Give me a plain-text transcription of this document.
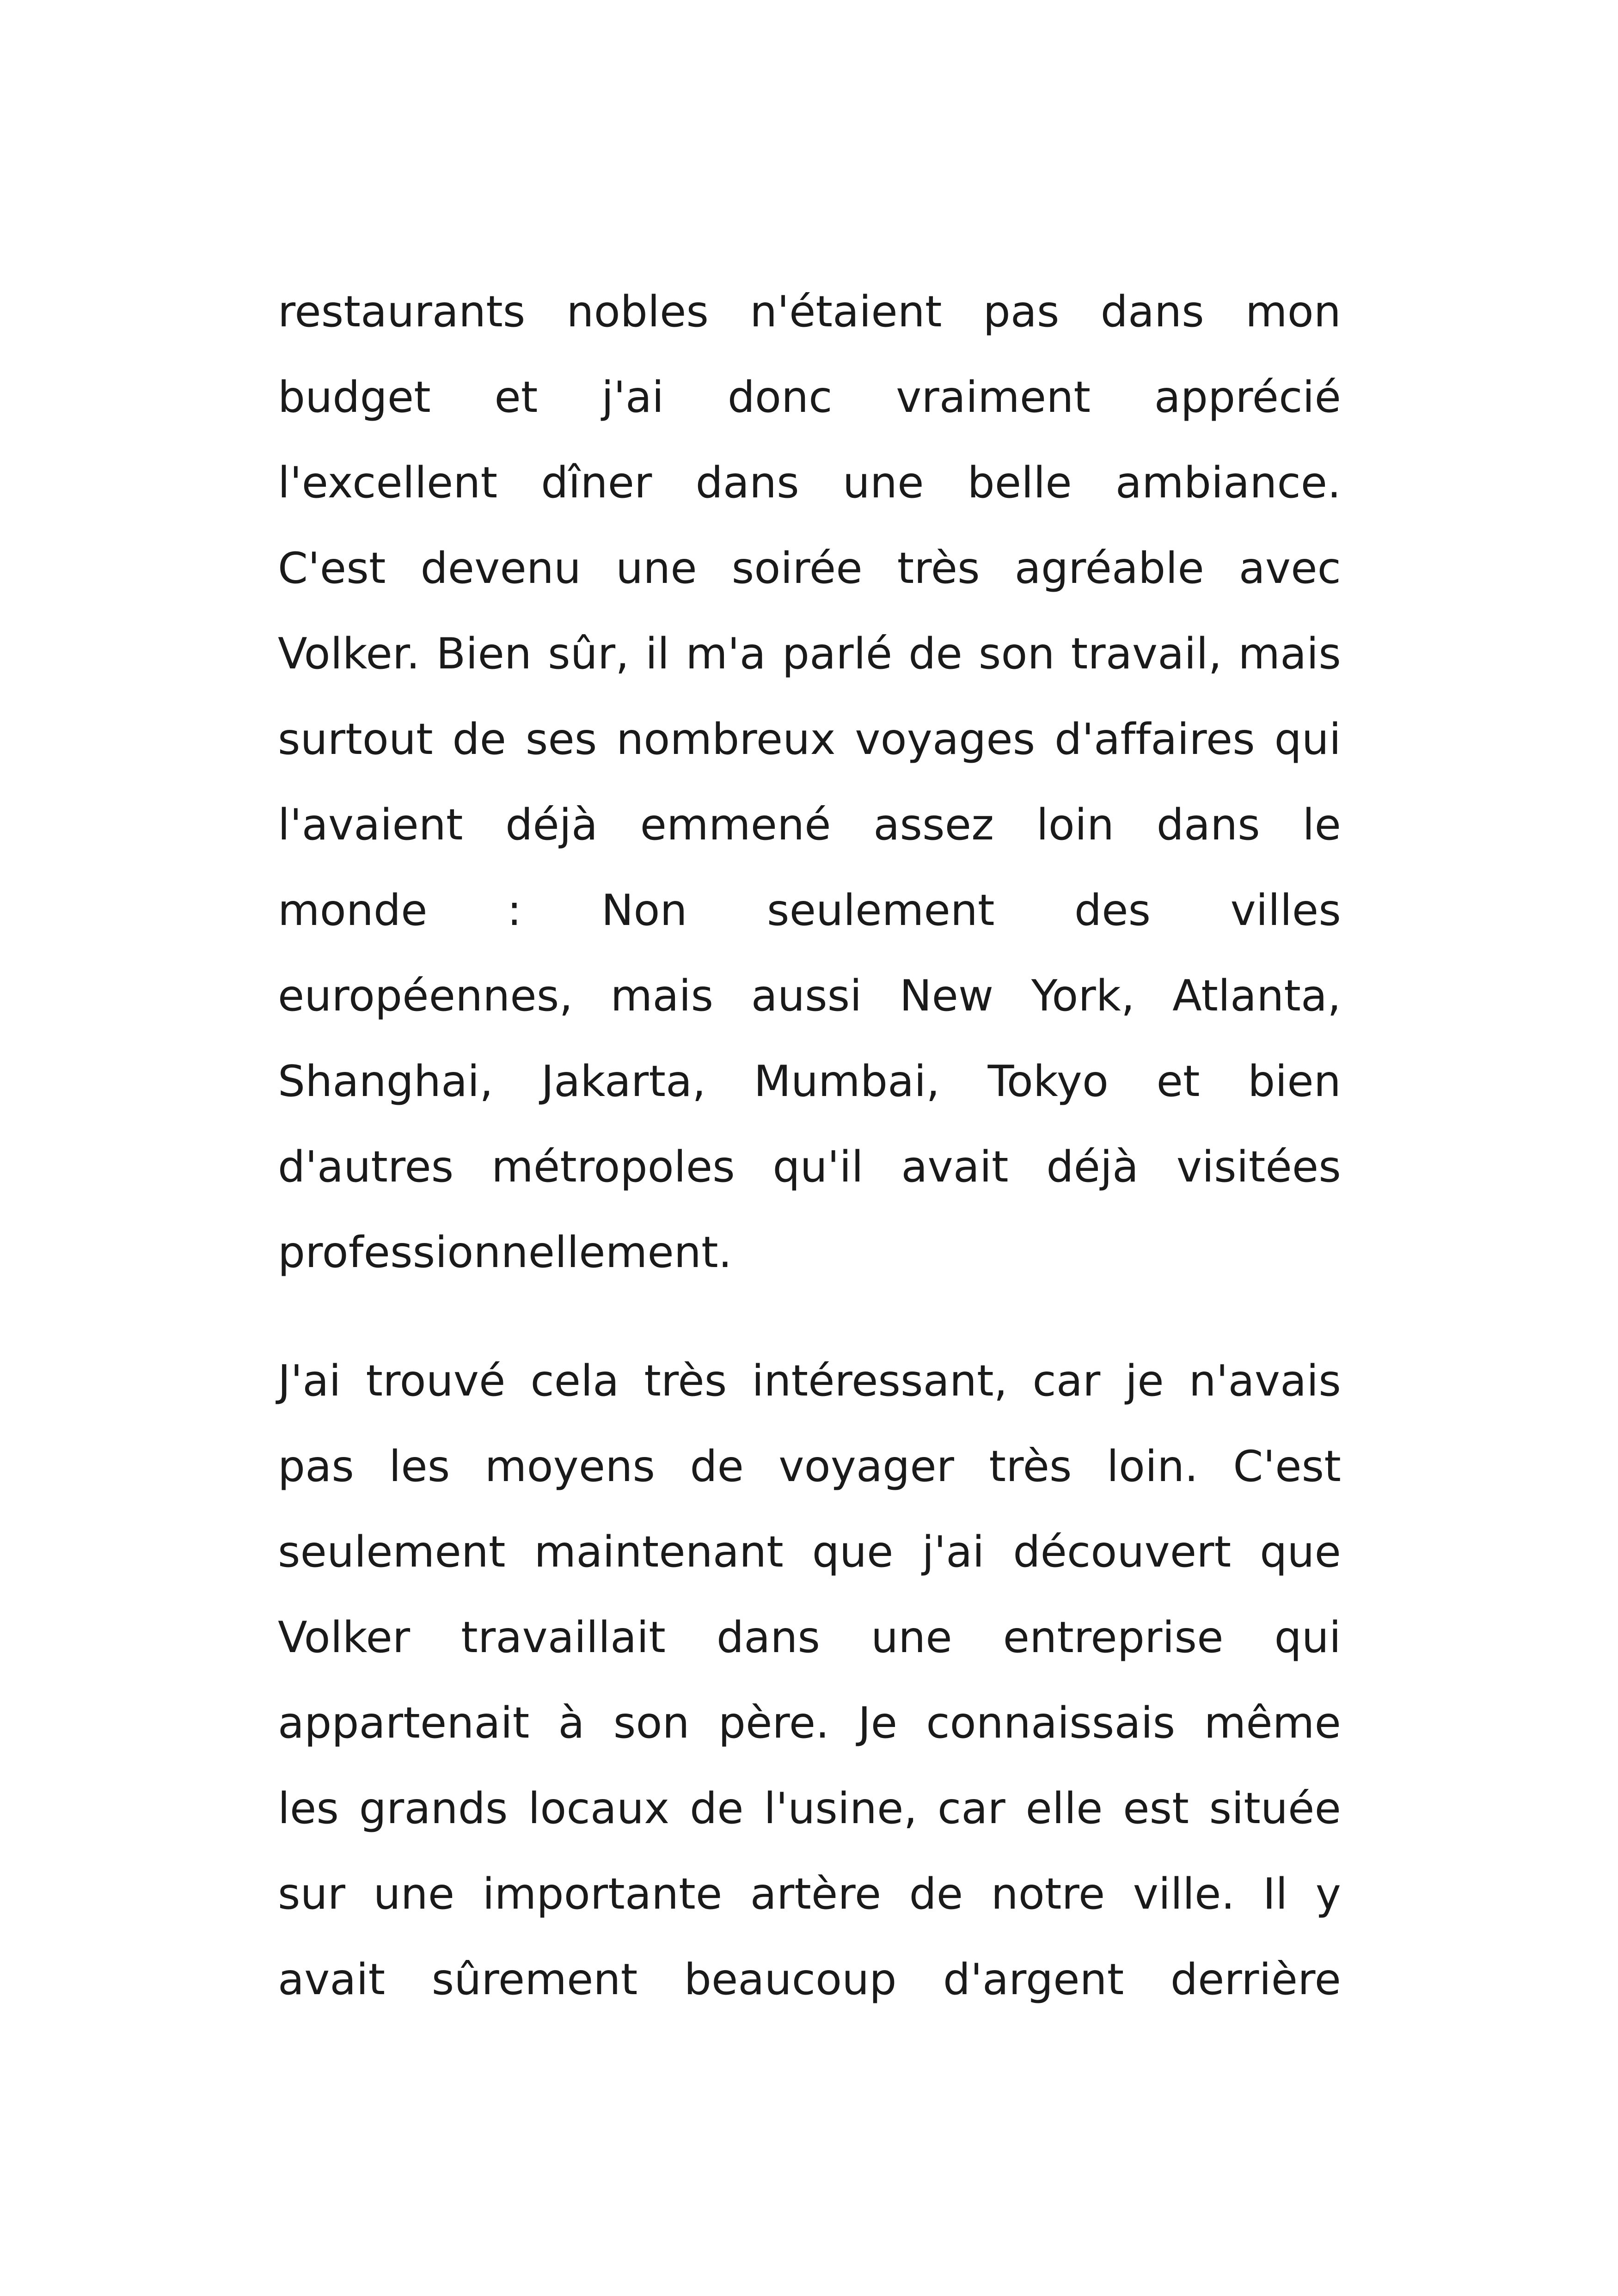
restaurants nobles n'étaient pas dans mon
budget et j'ai donc vraiment apprécié
l'excellent dîner dans une belle ambiance.
C'est devenu une soirée très agréable avec
Volker. Bien sûr, il m'a parlé de son travail, mais
surtout de ses nombreux voyages d'affaires qui
l'avaient déjà emmené assez loin dans le
monde : Non seulement des villes
européennes, mais aussi New York, Atlanta,
Shanghai, Jakarta, Mumbai, Tokyo et bien
d'autres métropoles qu'il avait déjà visitées
professionnellement.
J'ai trouvé cela très intéressant, car je n'avais
pas les moyens de voyager très loin. C'est
seulement maintenant que j'ai découvert que
Volker travaillait dans une entreprise qui
appartenait à son père. Je connaissais même
les grands locaux de l'usine, car elle est située
sur une importante artère de notre ville. Il y
avait sûrement beaucoup d'argent derrière
